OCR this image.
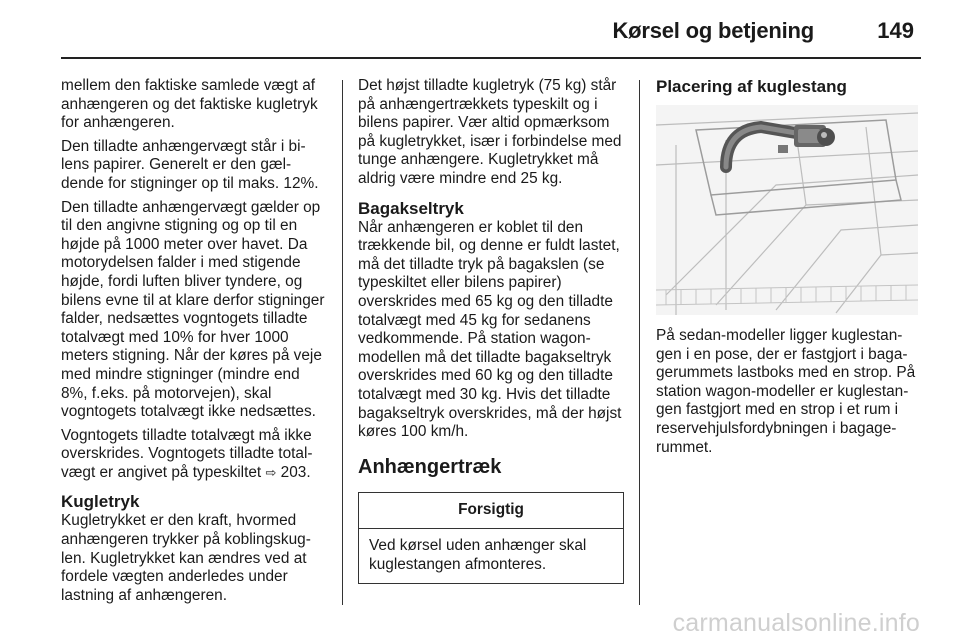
Kørsel og betjening	149

mellem den faktiske samlede vægt af anhængeren og det faktiske kugletryk for anhængeren.

Den tilladte anhængervægt står i bilens papirer. Generelt er den gældende for stigninger op til maks. 12%.

Den tilladte anhængervægt gælder op til den angivne stigning og op til en højde på 1000 meter over havet. Da motorydelsen falder i med stigende højde, fordi luften bliver tyndere, og bilens evne til at klare derfor stigninger falder, nedsættes vogntogets tilladte totalvægt med 10% for hver 1000 meters stigning. Når der køres på veje med mindre stigninger (mindre end 8%, f.eks. på motorvejen), skal vogntogets totalvægt ikke nedsættes.

Vogntogets tilladte totalvægt må ikke overskrides. Vogntogets tilladte totalvægt er angivet på typeskiltet ⇨ 203.

Kugletryk

Kugletrykket er den kraft, hvormed anhængeren trykker på koblingskuglen. Kugletrykket kan ændres ved at fordele vægten anderledes under lastning af anhængeren.

Det højst tilladte kugletryk (75 kg) står på anhængertrækkets typeskilt og i bilens papirer. Vær altid opmærksom på kugletrykket, især i forbindelse med tunge anhængere. Kugletrykket må aldrig være mindre end 25 kg.

Bagakseltryk

Når anhængeren er koblet til den trækkende bil, og denne er fuldt lastet, må det tilladte tryk på bagakslen (se typeskiltet eller bilens papirer) overskrides med 65 kg og den tilladte totalvægt med 45 kg for sedanens vedkommende. På station wagon-modellen må det tilladte bagakseltryk overskrides med 60 kg og den tilladte totalvægt med 30 kg. Hvis det tilladte bagakseltryk overskrides, må der højst køres 100 km/h.

Anhængertræk
Forsigtig
Ved kørsel uden anhænger skal kuglestangen afmonteres.
Placering af kuglestang

På sedan-modeller ligger kuglestangen i en pose, der er fastgjort i bagagerummets lastboks med en strop. På station wagon-modeller er kuglestangen fastgjort med en strop i et rum i reservehjulsfordybningen i bagagerummet.

carmanualsonline.info
